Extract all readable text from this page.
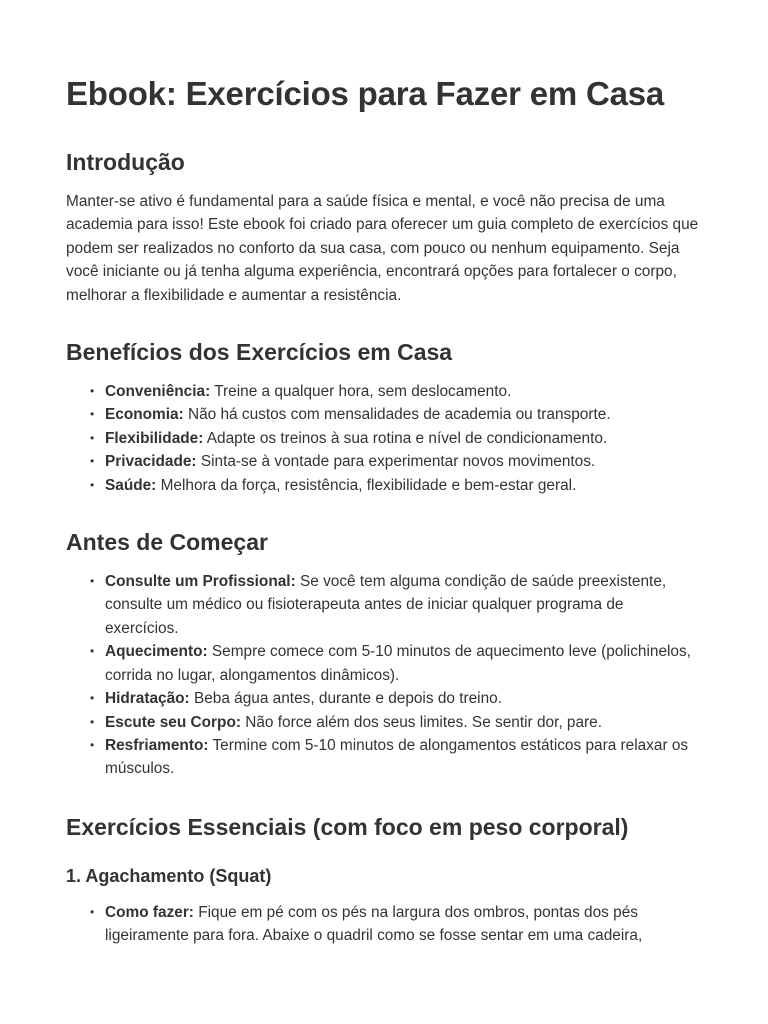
Ebook: Exercícios para Fazer em Casa
Introdução

Manter-se ativo é fundamental para a saúde física e mental, e você não precisa de uma academia para isso! Este ebook foi criado para oferecer um guia completo de exercícios que podem ser realizados no conforto da sua casa, com pouco ou nenhum equipamento. Seja você iniciante ou já tenha alguma experiência, encontrará opções para fortalecer o corpo, melhorar a flexibilidade e aumentar a resistência.

Benefícios dos Exercícios em Casa
• Conveniência: Treine a qualquer hora, sem deslocamento.
• Economia: Não há custos com mensalidades de academia ou transporte.
• Flexibilidade: Adapte os treinos à sua rotina e nível de condicionamento.
• Privacidade: Sinta-se à vontade para experimentar novos movimentos.
• Saúde: Melhora da força, resistência, flexibilidade e bem-estar geral.
Antes de Começar
• Consulte um Profissional: Se você tem alguma condição de saúde preexistente, consulte um médico ou fisioterapeuta antes de iniciar qualquer programa de exercícios.
• Aquecimento: Sempre comece com 5-10 minutos de aquecimento leve (polichinelos, corrida no lugar, alongamentos dinâmicos).
• Hidratação: Beba água antes, durante e depois do treino.
• Escute seu Corpo: Não force além dos seus limites. Se sentir dor, pare.
• Resfriamento: Termine com 5-10 minutos de alongamentos estáticos para relaxar os músculos.
Exercícios Essenciais (com foco em peso corporal)
1. Agachamento (Squat)
• Como fazer: Fique em pé com os pés na largura dos ombros, pontas dos pés ligeiramente para fora. Abaixe o quadril como se fosse sentar em uma cadeira,
